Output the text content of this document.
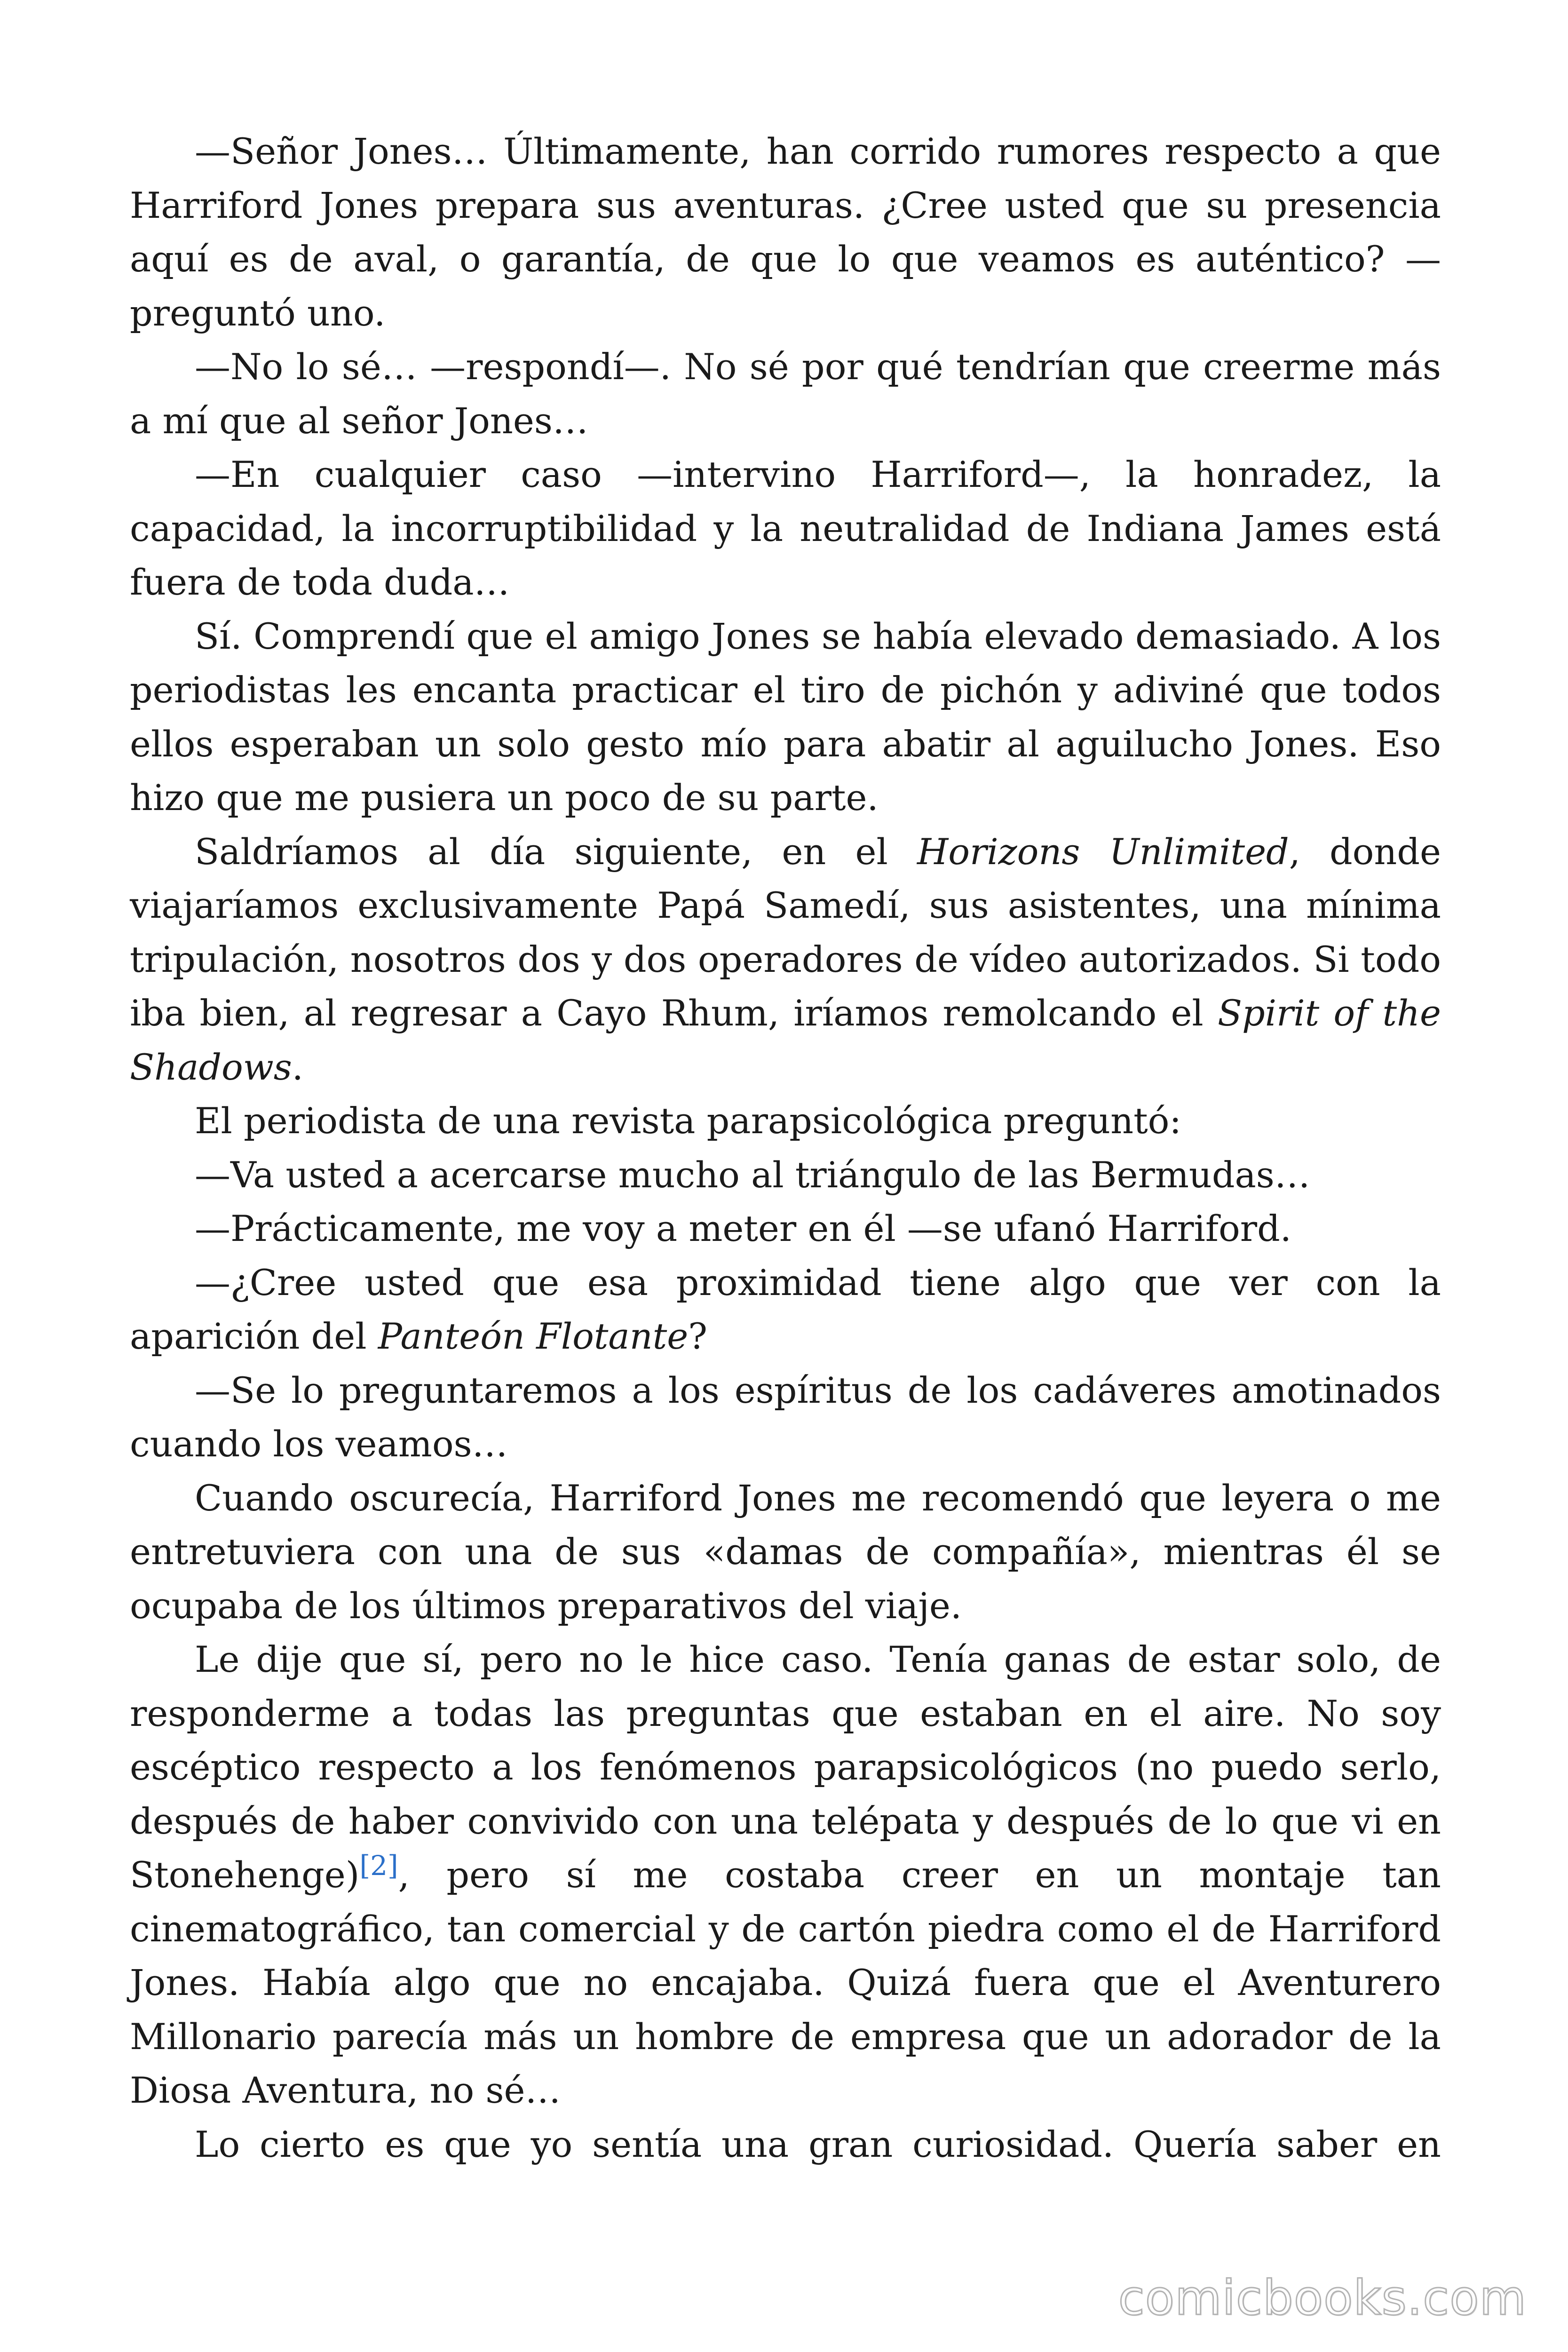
—Señor Jones… Últimamente, han corrido rumores respecto a que Harriford Jones prepara sus aventuras. ¿Cree usted que su presencia aquí es de aval, o garantía, de que lo que veamos es auténtico? —preguntó uno.

—No lo sé… —respondí—. No sé por qué tendrían que creerme más a mí que al señor Jones…

—En cualquier caso —intervino Harriford—, la honradez, la capacidad, la incorruptibilidad y la neutralidad de Indiana James está fuera de toda duda…

Sí. Comprendí que el amigo Jones se había elevado demasiado. A los periodistas les encanta practicar el tiro de pichón y adiviné que todos ellos esperaban un solo gesto mío para abatir al aguilucho Jones. Eso hizo que me pusiera un poco de su parte.

Saldríamos al día siguiente, en el Horizons Unlimited, donde viajaríamos exclusivamente Papá Samedí, sus asistentes, una mínima tripulación, nosotros dos y dos operadores de vídeo autorizados. Si todo iba bien, al regresar a Cayo Rhum, iríamos remolcando el Spirit of the Shadows.

El periodista de una revista parapsicológica preguntó:

—Va usted a acercarse mucho al triángulo de las Bermudas…

—Prácticamente, me voy a meter en él —se ufanó Harriford.

—¿Cree usted que esa proximidad tiene algo que ver con la aparición del Panteón Flotante?

—Se lo preguntaremos a los espíritus de los cadáveres amotinados cuando los veamos…

Cuando oscurecía, Harriford Jones me recomendó que leyera o me entretuviera con una de sus «damas de compañía», mientras él se ocupaba de los últimos preparativos del viaje.

Le dije que sí, pero no le hice caso. Tenía ganas de estar solo, de responderme a todas las preguntas que estaban en el aire. No soy escéptico respecto a los fenómenos parapsicológicos (no puedo serlo, después de haber convivido con una telépata y después de lo que vi en Stonehenge)[2], pero sí me costaba creer en un montaje tan cinematográfico, tan comercial y de cartón piedra como el de Harriford Jones. Había algo que no encajaba. Quizá fuera que el Aventurero Millonario parecía más un hombre de empresa que un adorador de la Diosa Aventura, no sé…

Lo cierto es que yo sentía una gran curiosidad. Quería saber en

comicbooks.com
